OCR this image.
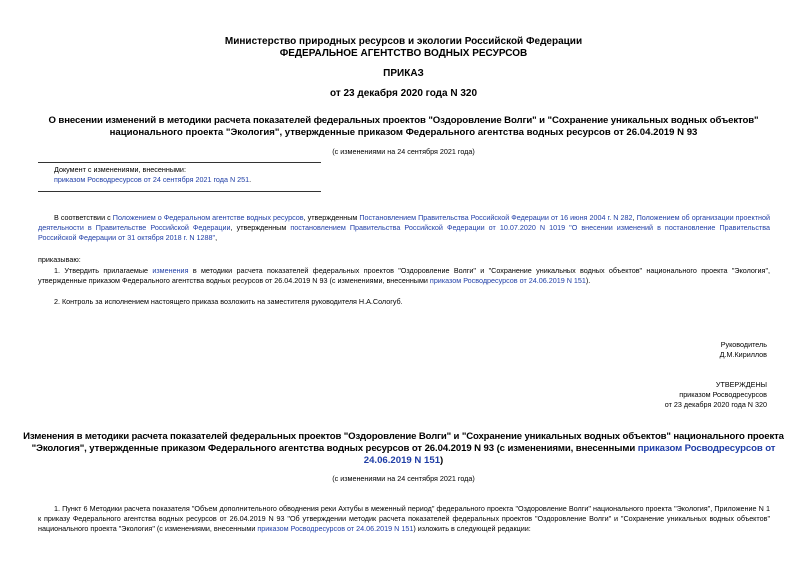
Министерство природных ресурсов и экологии Российской Федерации
ФЕДЕРАЛЬНОЕ АГЕНТСТВО ВОДНЫХ РЕСУРСОВ
ПРИКАЗ
от 23 декабря 2020 года N 320
О внесении изменений в методики расчета показателей федеральных проектов "Оздоровление Волги" и "Сохранение уникальных водных объектов"
национального проекта "Экология", утвержденные приказом Федерального агентства водных ресурсов от 26.04.2019 N 93
(с изменениями на 24 сентября 2021 года)
Документ с изменениями, внесенными:
приказом Росводресурсов от 24 сентября 2021 года N 251.
В соответствии с Положением о Федеральном агентстве водных ресурсов, утвержденным Постановлением Правительства Российской Федерации от 16 июня 2004 г. N 282, Положением об организации проектной деятельности в Правительстве Российской Федерации, утвержденным постановлением Правительства Российской Федерации от 10.07.2020 N 1019 "О внесении изменений в постановление Правительства Российской Федерации от 31 октября 2018 г. N 1288",
приказываю:
1. Утвердить прилагаемые изменения в методики расчета показателей федеральных проектов "Оздоровление Волги" и "Сохранение уникальных водных объектов" национального проекта "Экология", утвержденные приказом Федерального агентства водных ресурсов от 26.04.2019 N 93 (с изменениями, внесенными приказом Росводресурсов от 24.06.2019 N 151).
2. Контроль за исполнением настоящего приказа возложить на заместителя руководителя Н.А.Сологуб.
Руководитель
Д.М.Кириллов
УТВЕРЖДЕНЫ
приказом Росводресурсов
от 23 декабря 2020 года N 320
Изменения в методики расчета показателей федеральных проектов "Оздоровление Волги" и "Сохранение уникальных водных объектов" национального проекта
"Экология", утвержденные приказом Федерального агентства водных ресурсов от 26.04.2019 N 93 (с изменениями, внесенными приказом Росводресурсов от
24.06.2019 N 151)
(с изменениями на 24 сентября 2021 года)
1. Пункт 6 Методики расчета показателя "Объем дополнительного обводнения реки Ахтубы в меженный период" федерального проекта "Оздоровление Волги" национального проекта "Экология", Приложение N 1 к приказу Федерального агентства водных ресурсов от 26.04.2019 N 93 "Об утверждении методик расчета показателей федеральных проектов "Оздоровление Волги" и "Сохранение уникальных водных объектов" национального проекта "Экология" (с изменениями, внесенными приказом Росводресурсов от 24.06.2019 N 151) изложить в следующей редакции:
